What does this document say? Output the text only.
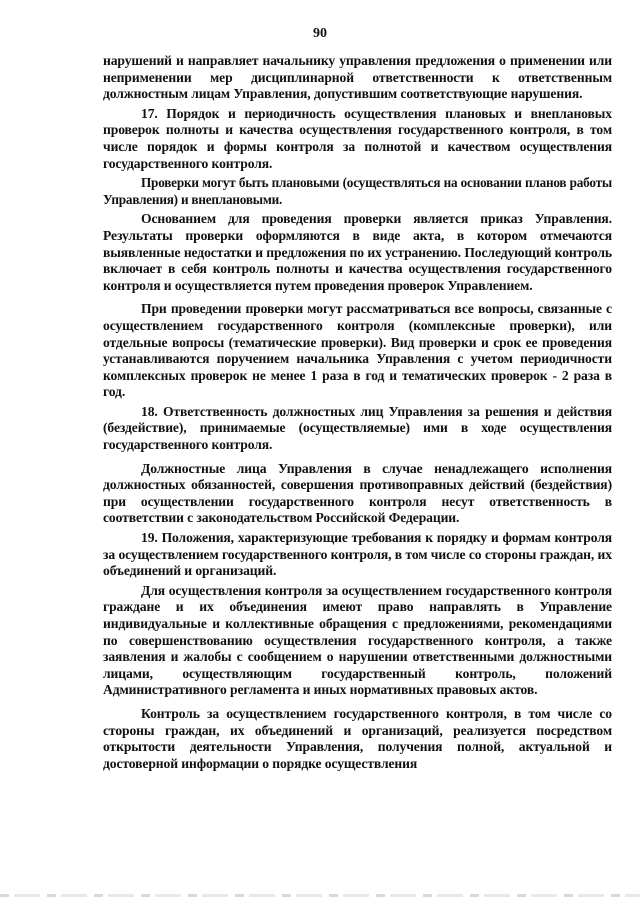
90

нарушений и направляет начальнику управления предложения о применении или неприменении мер дисциплинарной ответственности к ответственным должностным лицам Управления, допустившим соответствующие нарушения.

17. Порядок и периодичность осуществления плановых и внеплановых проверок полноты и качества осуществления государственного контроля, в том числе порядок и формы контроля за полнотой и качеством осуществления государственного контроля.

Проверки могут быть плановыми (осуществляться на основании планов работы Управления) и внеплановыми.

Основанием для проведения проверки является приказ Управления. Результаты проверки оформляются в виде акта, в котором отмечаются выявленные недостатки и предложения по их устранению. Последующий контроль включает в себя контроль полноты и качества осуществления государственного контроля и осуществляется путем проведения проверок Управлением.

При проведении проверки могут рассматриваться все вопросы, связанные с осуществлением государственного контроля (комплексные проверки), или отдельные вопросы (тематические проверки). Вид проверки и срок ее проведения устанавливаются поручением начальника Управления с учетом периодичности комплексных проверок не менее 1 раза в год и тематических проверок - 2 раза в год.

18. Ответственность должностных лиц Управления за решения и действия (бездействие), принимаемые (осуществляемые) ими в ходе осуществления государственного контроля.

Должностные лица Управления в случае ненадлежащего исполнения должностных обязанностей, совершения противоправных действий (бездействия) при осуществлении государственного контроля несут ответственность в соответствии с законодательством Российской Федерации.

19. Положения, характеризующие требования к порядку и формам контроля за осуществлением государственного контроля, в том числе со стороны граждан, их объединений и организаций.

Для осуществления контроля за осуществлением государственного контроля граждане и их объединения имеют право направлять в Управление индивидуальные и коллективные обращения с предложениями, рекомендациями по совершенствованию осуществления государственного контроля, а также заявления и жалобы с сообщением о нарушении ответственными должностными лицами, осуществляющим государственный контроль, положений Административного регламента и иных нормативных правовых актов.

Контроль за осуществлением государственного контроля, в том числе со стороны граждан, их объединений и организаций, реализуется посредством открытости деятельности Управления, получения полной, актуальной и достоверной информации о порядке осуществления
